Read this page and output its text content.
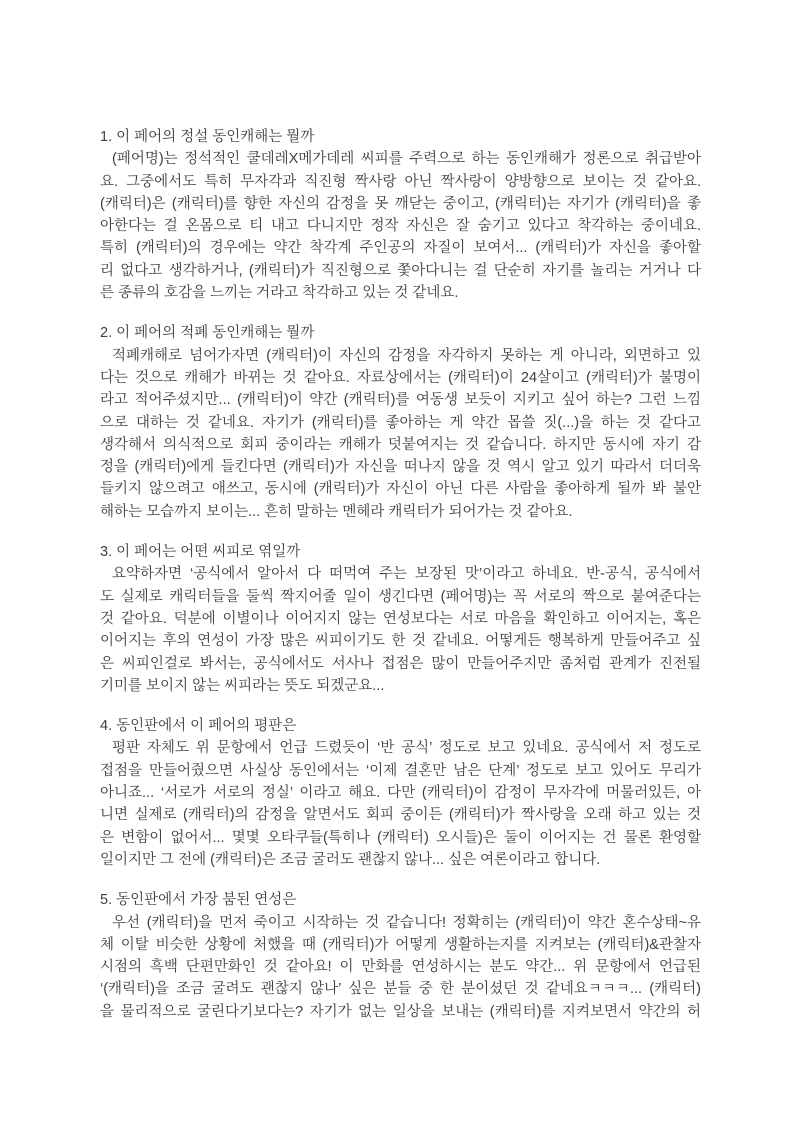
1. 이 페어의 정설 동인캐해는 뭘까
(페어명)는 정석적인 쿨데레X메가데레 씨피를 주력으로 하는 동인캐해가 정론으로 취급받아
요. 그중에서도 특히 무자각과 직진형 짝사랑 아닌 짝사랑이 양방향으로 보이는 것 같아요.
(캐릭터)은 (캐릭터)를 향한 자신의 감정을 못 깨닫는 중이고, (캐릭터)는 자기가 (캐릭터)을 좋
아한다는 걸 온몸으로 티 내고 다니지만 정작 자신은 잘 숨기고 있다고 착각하는 중이네요.
특히 (캐릭터)의 경우에는 약간 착각계 주인공의 자질이 보여서... (캐릭터)가 자신을 좋아할
리 없다고 생각하거나, (캐릭터)가 직진형으로 쫓아다니는 걸 단순히 자기를 놀리는 거거나 다
른 종류의 호감을 느끼는 거라고 착각하고 있는 것 같네요.
2. 이 페어의 적폐 동인캐해는 뭘까
적폐캐해로 넘어가자면 (캐릭터)이 자신의 감정을 자각하지 못하는 게 아니라, 외면하고 있
다는 것으로 캐해가 바뀌는 것 같아요. 자료상에서는 (캐릭터)이 24살이고 (캐릭터)가 불명이
라고 적어주셨지만... (캐릭터)이 약간 (캐릭터)를 여동생 보듯이 지키고 싶어 하는? 그런 느낌
으로 대하는 것 같네요. 자기가 (캐릭터)를 좋아하는 게 약간 몹쓸 짓(...)을 하는 것 같다고
생각해서 의식적으로 회피 중이라는 캐해가 덧붙여지는 것 같습니다. 하지만 동시에 자기 감
정을 (캐릭터)에게 들킨다면 (캐릭터)가 자신을 떠나지 않을 것 역시 알고 있기 따라서 더더욱
들키지 않으려고 애쓰고, 동시에 (캐릭터)가 자신이 아닌 다른 사람을 좋아하게 될까 봐 불안
해하는 모습까지 보이는... 흔히 말하는 멘헤라 캐릭터가 되어가는 것 같아요.
3. 이 페어는 어떤 씨피로 엮일까
요약하자면 ‘공식에서 알아서 다 떠먹여 주는 보장된 맛’이라고 하네요. 반-공식, 공식에서
도 실제로 캐릭터들을 둘씩 짝지어줄 일이 생긴다면 (페어명)는 꼭 서로의 짝으로 붙여준다는
것 같아요. 덕분에 이별이나 이어지지 않는 연성보다는 서로 마음을 확인하고 이어지는, 혹은
이어지는 후의 연성이 가장 많은 씨피이기도 한 것 같네요. 어떻게든 행복하게 만들어주고 싶
은 씨피인걸로 봐서는, 공식에서도 서사나 접점은 많이 만들어주지만 좀처럼 관계가 진전될
기미를 보이지 않는 씨피라는 뜻도 되겠군요...
4. 동인판에서 이 페어의 평판은
평판 자체도 위 문항에서 언급 드렸듯이 ‘반 공식’ 정도로 보고 있네요. 공식에서 저 정도로
접점을 만들어줬으면 사실상 동인에서는 ‘이제 결혼만 남은 단계’ 정도로 보고 있어도 무리가
아니죠... ‘서로가 서로의 정실’ 이라고 해요. 다만 (캐릭터)이 감정이 무자각에 머물러있든, 아
니면 실제로 (캐릭터)의 감정을 알면서도 회피 중이든 (캐릭터)가 짝사랑을 오래 하고 있는 것
은 변함이 없어서... 몇몇 오타쿠들(특히나 (캐릭터) 오시들)은 둘이 이어지는 건 물론 환영할
일이지만 그 전에 (캐릭터)은 조금 굴러도 괜찮지 않나... 싶은 여론이라고 합니다.
5. 동인판에서 가장 붐된 연성은
우선 (캐릭터)을 먼저 죽이고 시작하는 것 같습니다! 정확히는 (캐릭터)이 약간 혼수상태~유
체 이탈 비슷한 상황에 처했을 때 (캐릭터)가 어떻게 생활하는지를 지켜보는 (캐릭터)&관찰자
시점의 흑백 단편만화인 것 같아요! 이 만화를 연성하시는 분도 약간... 위 문항에서 언급된
‘(캐릭터)을 조금 굴려도 괜찮지 않나’ 싶은 분들 중 한 분이셨던 것 같네요ㅋㅋㅋ... (캐릭터)
을 물리적으로 굴린다기보다는? 자기가 없는 일상을 보내는 (캐릭터)를 지켜보면서 약간의 허
